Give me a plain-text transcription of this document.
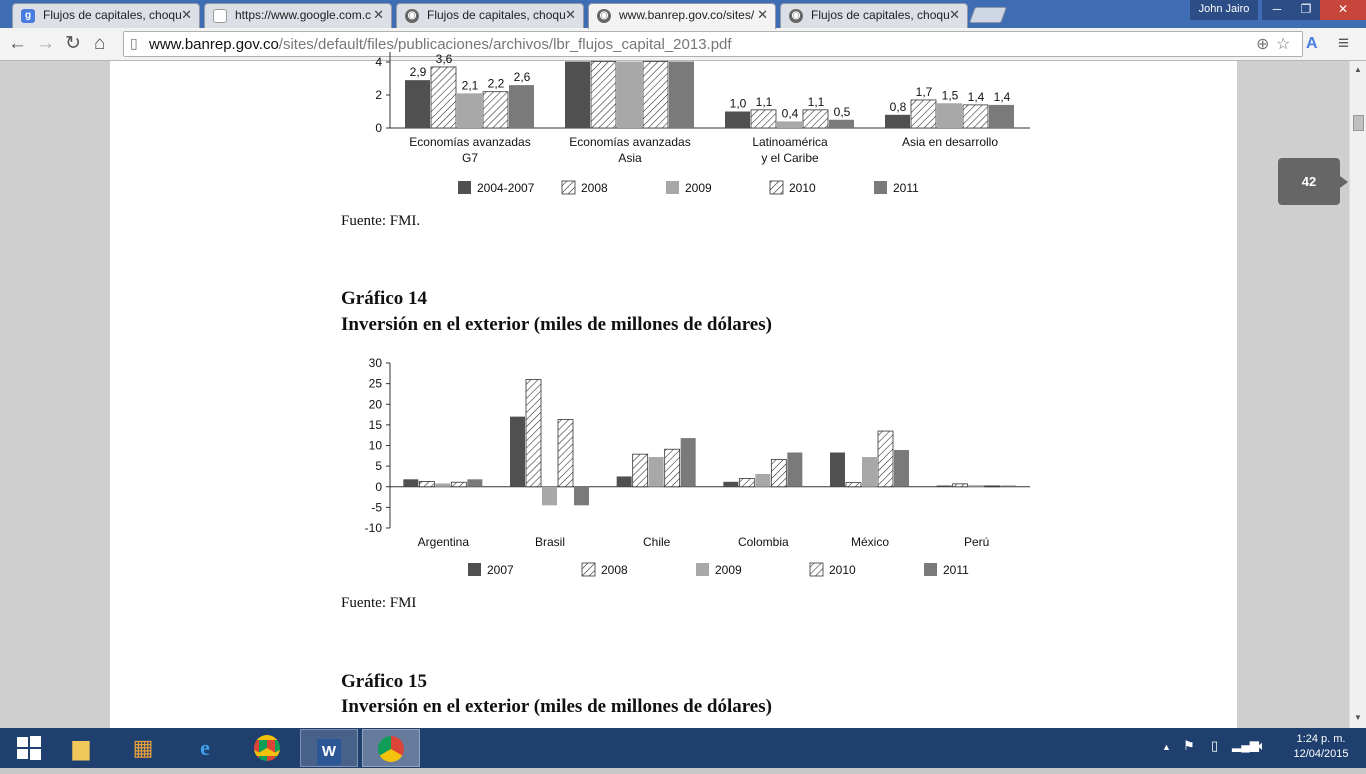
g Flujos de capitales, choqu ✕	https://www.google.com.c ✕ ◉ Flujos de capitales, choqu ✕ ◉ www.banrep.gov.co/sites/ ✕ ◉ Flujos de capitales, choqu ✕	John Jairo	─	❐	✕
← → ↻ ⌂ ▯ www.banrep.gov.co/sites/default/files/publicaciones/archivos/lbr_flujos_capital_2013.pdf	⊕ ☆ A ≡
4
2
0
2,9
3,6
2,1 2,2 2,6
Economías avanzadas
G7
Economías avanzadas
Asia
1,0 1,1
0,4
1,1
0,5
Latinoamérica
y el Caribe
0,8
1,7 1,5 1,4 1,4
Asia en desarrollo
2004-2007	2008	2009	2010	2011
Fuente: FMI.
Gráfico 14
Inversión en el exterior (miles de millones de dólares)
30
25
20
15
10
5
0
-5
-10
Argentina	Brasil	Chile	Colombia	México	Perú
2007	2008	2009	2010	2011
Fuente: FMI
Gráfico 15
Inversión en el exterior (miles de millones de dólares)
42
▲
▼
▆	▦	e	W	▲ ⚑ ▯ ▂▄▆ 🔈︎	1:24 p. m.
12/04/2015
